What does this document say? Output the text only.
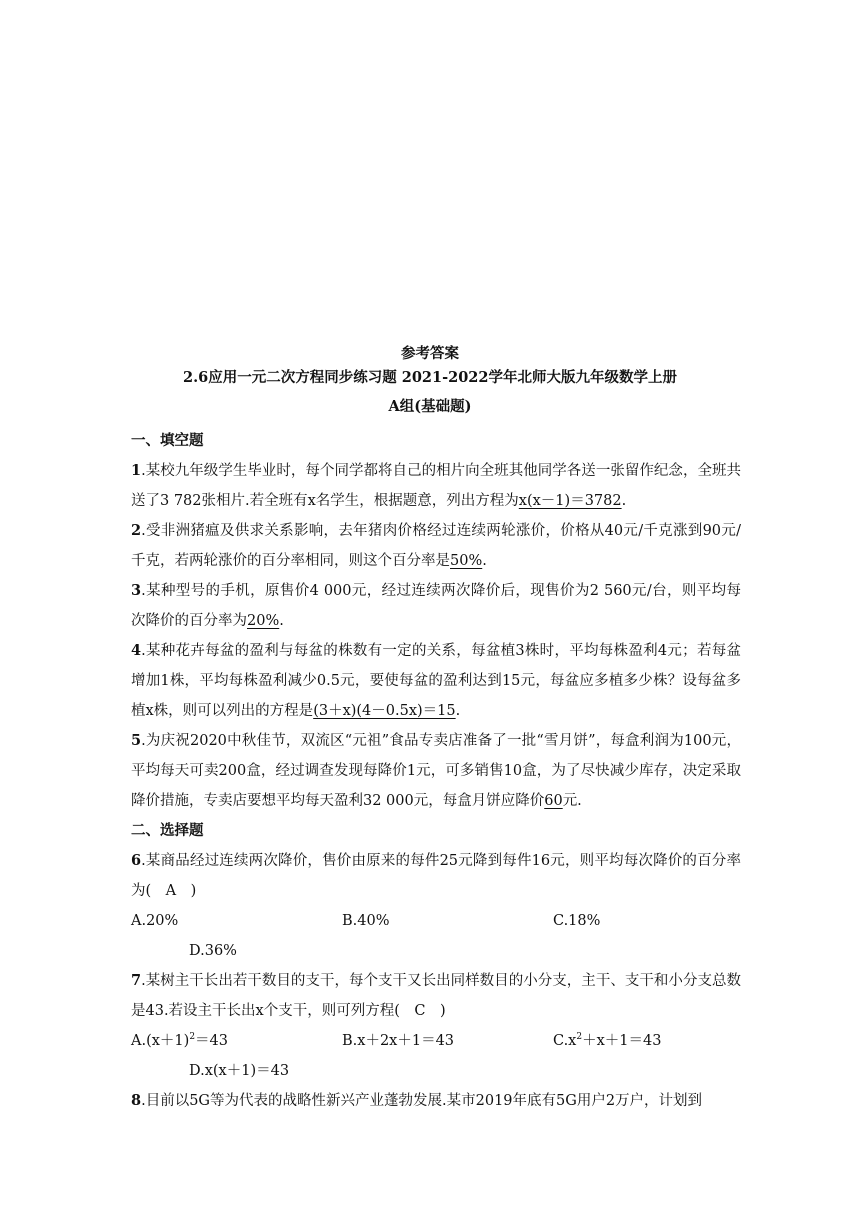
参考答案
2.6应用一元二次方程同步练习题 2021-2022学年北师大版九年级数学上册
A组(基础题)
一、填空题

1.某校九年级学生毕业时，每个同学都将自己的相片向全班其他同学各送一张留作纪念，全班共送了3 782张相片.若全班有x名学生，根据题意，列出方程为x(x－1)＝3782.

2.受非洲猪瘟及供求关系影响，去年猪肉价格经过连续两轮涨价，价格从40元/千克涨到90元/千克，若两轮涨价的百分率相同，则这个百分率是50%.

3.某种型号的手机，原售价4 000元，经过连续两次降价后，现售价为2 560元/台，则平均每次降价的百分率为20%.

4.某种花卉每盆的盈利与每盆的株数有一定的关系，每盆植3株时，平均每株盈利4元；若每盆增加1株，平均每株盈利减少0.5元，要使每盆的盈利达到15元，每盆应多植多少株？设每盆多植x株，则可以列出的方程是(3＋x)(4－0.5x)＝15.

5.为庆祝2020中秋佳节，双流区“元祖”食品专卖店准备了一批“雪月饼”，每盒利润为100元，平均每天可卖200盒，经过调查发现每降价1元，可多销售10盒，为了尽快减少库存，决定采取降价措施，专卖店要想平均每天盈利32 000元，每盒月饼应降价60元.

二、选择题

6.某商品经过连续两次降价，售价由原来的每件25元降到每件16元，则平均每次降价的百分率为(　A　)

A.20%	B.40%	C.18%
D.36%

7.某树主干长出若干数目的支干，每个支干又长出同样数目的小分支，主干、支干和小分支总数是43.若设主干长出x个支干，则可列方程(　C　)

$A.(x+1)^2=43$	B.x＋2x＋1＝43	$C.x^2+x+1=43$
D.x(x＋1)＝43

8.目前以5G等为代表的战略性新兴产业蓬勃发展.某市2019年底有5G用户2万户，计划到
